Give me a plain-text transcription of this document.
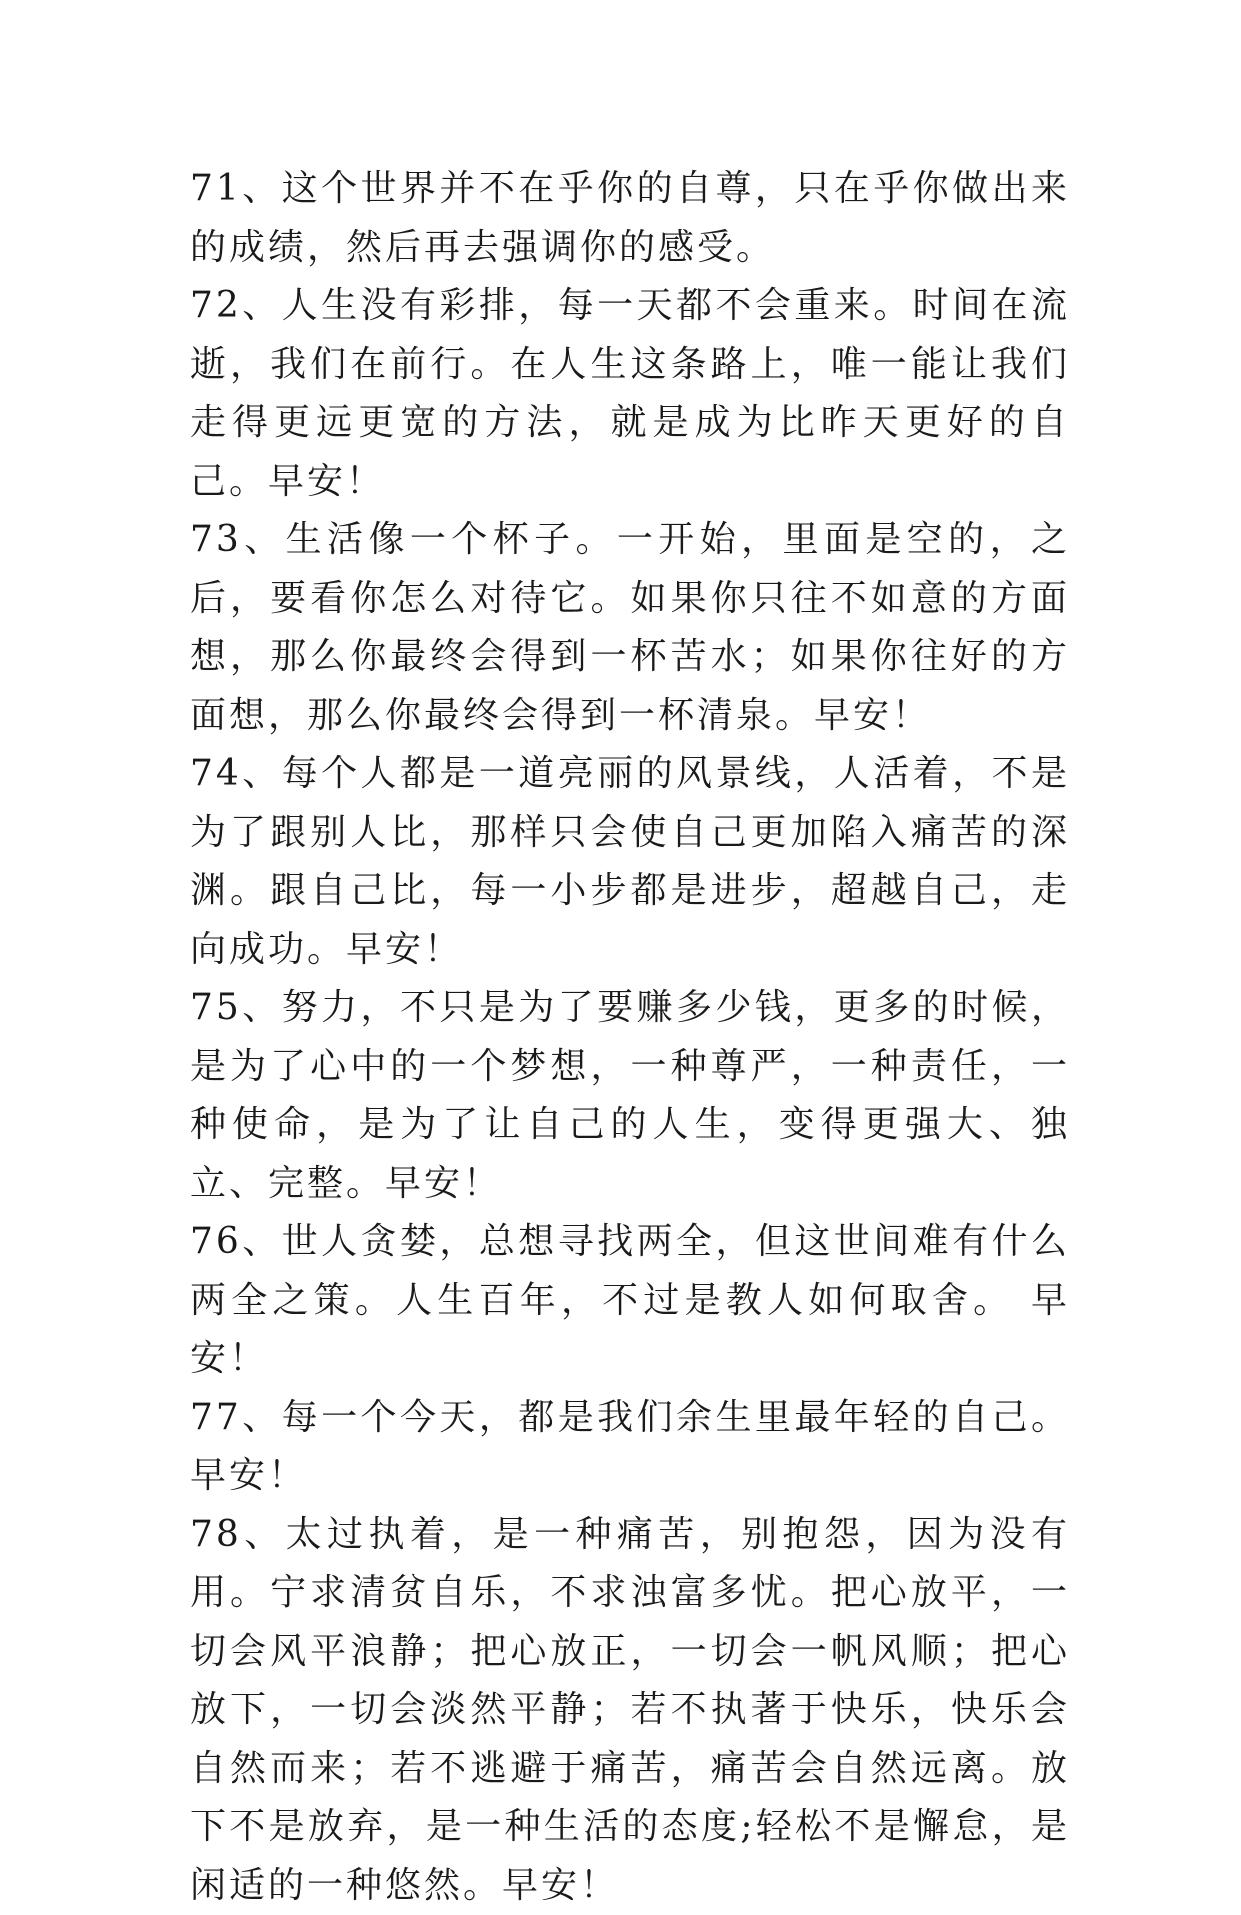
71、这个世界并不在乎你的自尊，只在乎你做出来的成绩，然后再去强调你的感受。

72、人生没有彩排，每一天都不会重来。时间在流逝，我们在前行。在人生这条路上，唯一能让我们走得更远更宽的方法，就是成为比昨天更好的自己。早安！

73、生活像一个杯子。一开始，里面是空的，之后，要看你怎么对待它。如果你只往不如意的方面想，那么你最终会得到一杯苦水；如果你往好的方面想，那么你最终会得到一杯清泉。早安！

74、每个人都是一道亮丽的风景线，人活着，不是为了跟别人比，那样只会使自己更加陷入痛苦的深渊。跟自己比，每一小步都是进步，超越自己，走向成功。早安！

75、努力，不只是为了要赚多少钱，更多的时候，是为了心中的一个梦想，一种尊严，一种责任，一种使命，是为了让自己的人生，变得更强大、独立、完整。早安！

76、世人贪婪，总想寻找两全，但这世间难有什么两全之策。人生百年，不过是教人如何取舍。 早安！

77、每一个今天，都是我们余生里最年轻的自己。早安！

78、太过执着，是一种痛苦，别抱怨，因为没有用。宁求清贫自乐，不求浊富多忧。把心放平，一切会风平浪静；把心放正，一切会一帆风顺；把心放下，一切会淡然平静；若不执著于快乐，快乐会自然而来；若不逃避于痛苦，痛苦会自然远离。放下不是放弃，是一种生活的态度;轻松不是懈怠，是闲适的一种悠然。早安！
